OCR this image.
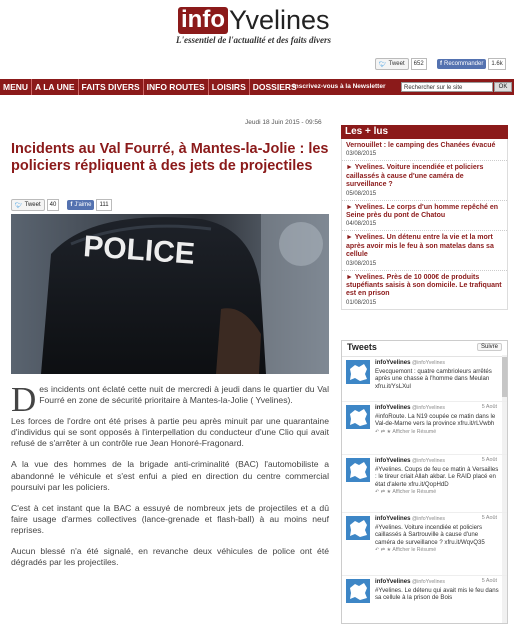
info Yvelines
L'essentiel de l'actualité et des faits divers
🐦︎ Tweet	652	f Recommander	1.6k
MENU A LA UNE FAITS DIVERS INFO ROUTES LOISIRS DOSSIERS
Inscrivez-vous à la Newsletter	Rechercher sur le site	OK
Jeudi 18 Juin 2015 - 09:56
Incidents au Val Fourré, à Mantes-la-Jolie : les policiers répliquent à des jets de projectiles
🐦︎ Tweet	40	f J'aime	111
POLICE

Des incidents ont éclaté cette nuit de mercredi à jeudi dans le quartier du Val Fourré en zone de sécurité prioritaire à Mantes-la-Jolie ( Yvelines).

Les forces de l'ordre ont été prises à partie peu après minuit par une quarantaine d'individus qui se sont opposés à l'interpellation du conducteur d'une Clio qui avait refusé de s'arrêter à un contrôle rue Jean Honoré-Fragonard.

A la vue des hommes de la brigade anti-criminalité (BAC) l'automobiliste a abandonné le véhicule et s'est enfui a pied en direction du centre commercial poursuivi par les policiers.

C'est à cet instant que la BAC a essuyé de nombreux jets de projectiles et a dû faire usage d'armes collectives (lance-grenade et flash-ball) à au moins neuf reprises.

Aucun blessé n'a été signalé, en revanche deux véhicules de police ont été dégradés par les projectiles.

Les + lus
Vernouillet : le camping des Chanées évacué
03/08/2015
► Yvelines. Voiture incendiée et policiers caillassés à cause d'une caméra de surveillance ?
05/08/2015
► Yvelines. Le corps d'un homme repêché en Seine près du pont de Chatou
04/08/2015
► Yvelines. Un détenu entre la vie et la mort après avoir mis le feu à son matelas dans sa cellule
03/08/2015
► Yvelines. Près de 10 000€ de produits stupéfiants saisis à son domicile. Le trafiquant est en prison
01/08/2015
Tweets	Suivre
infoYvelines @infoYvelines
Evecquemont : quatre cambrioleurs arrêtés après une chasse à l'homme dans Meulan xfru.it/YsLXul
5 Août
infoYvelines @infoYvelines
#infoRoute. La N19 coupée ce matin dans le Val-de-Marne vers la province xfru.it/rLVwbh
↶ ⇄ ★ Afficher le Résumé
5 Août
infoYvelines @infoYvelines
#Yvelines. Coups de feu ce matin à Versailles : le tireur criait Allah akbar. Le RAID placé en état d'alerte xfru.it/QopHdD
↶ ⇄ ★ Afficher le Résumé
5 Août
infoYvelines @infoYvelines
#Yvelines. Voiture incendiée et policiers caillassés à Sartrouville à cause d'une caméra de surveillance ? xfru.it/WqvQ35
↶ ⇄ ★ Afficher le Résumé
5 Août
infoYvelines @infoYvelines
#Yvelines. Le détenu qui avait mis le feu dans sa cellule à la prison de Bois
